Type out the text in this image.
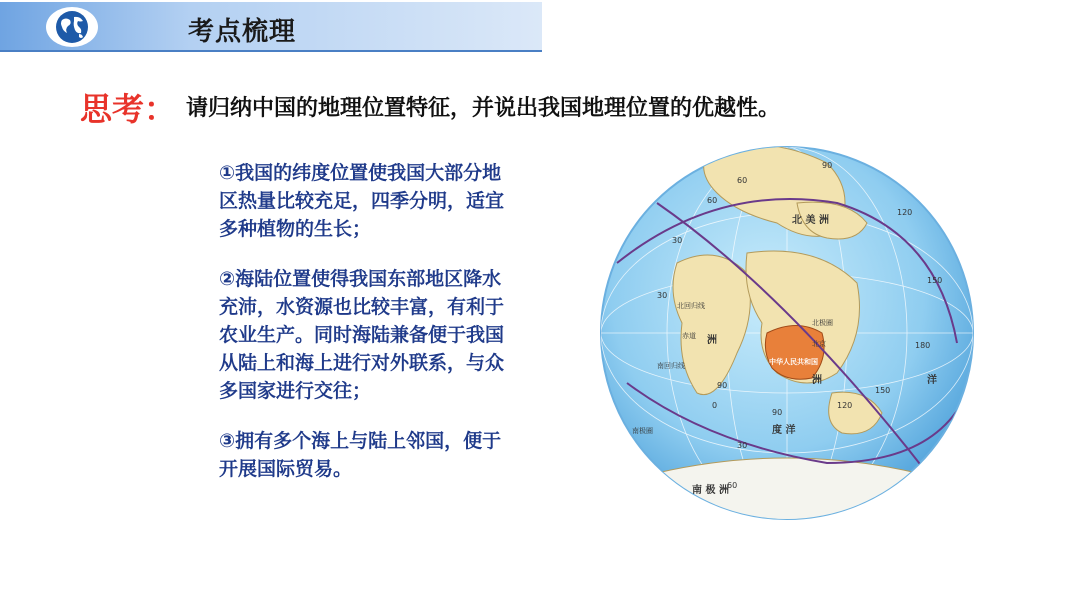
考点梳理
思考： 请归纳中国的地理位置特征，并说出我国地理位置的优越性。

①我国的纬度位置使我国大部分地区热量比较充足，四季分明，适宜多种植物的生长；

②海陆位置使得我国东部地区降水充沛，水资源也比较丰富，有利于农业生产。同时海陆兼备便于我国从陆上和海上进行对外联系，与众多国家进行交往；

③拥有多个海上与陆上邻国，便于开展国际贸易。

北 美 洲
洲
洲
南 极 洲
洋
度 洋
北回归线
赤道
南回归线
南极圈
北极圈
北京
中华人民共和国
90
60
30
0
30
60
90
120
150
180
150
120
90
60
30
